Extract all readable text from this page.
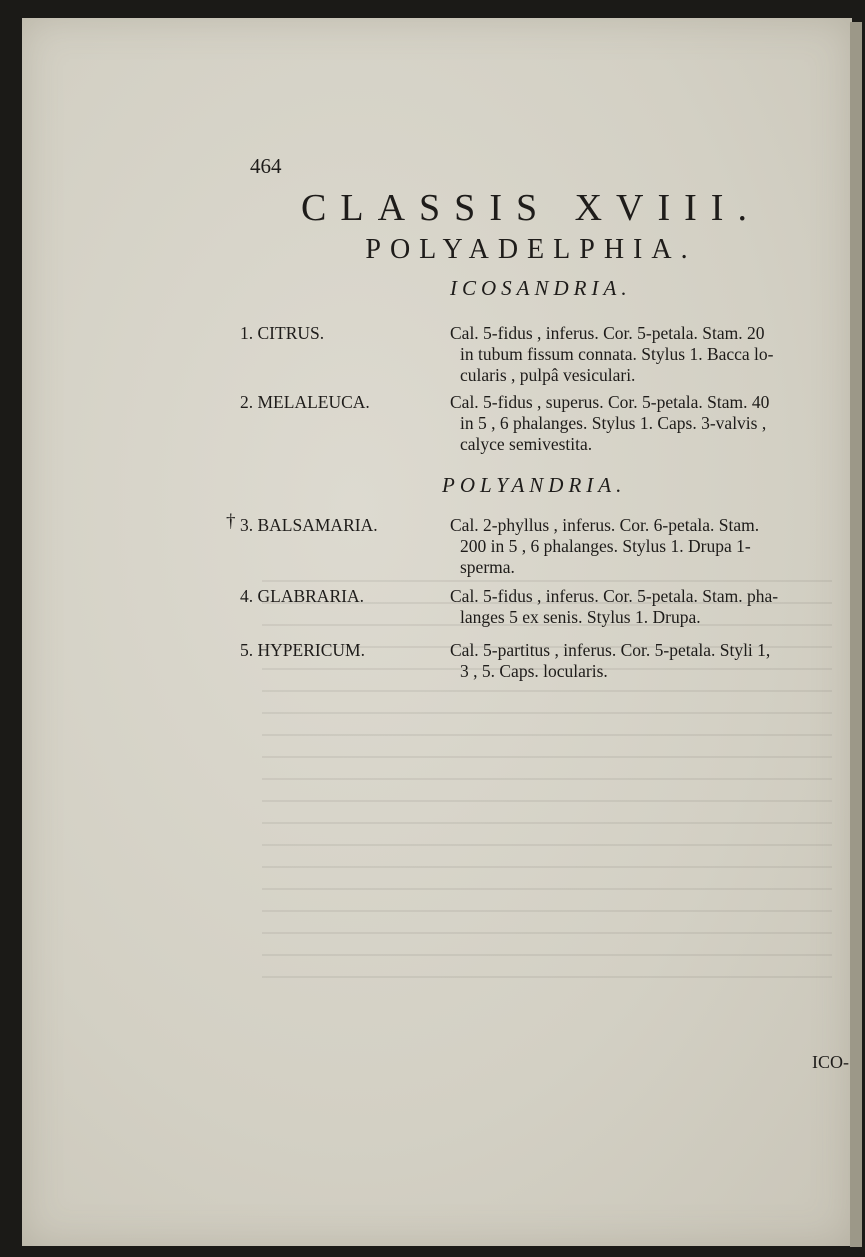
464
CLASSIS XVIII.
POLYADELPHIA.
ICOSANDRIA.
1. CITRUS.	Cal. 5-fidus , inferus. Cor. 5-petala. Stam. 20
in tubum fissum connata. Stylus 1. Bacca lo-
cularis , pulpâ vesiculari.
2. MELALEUCA.	Cal. 5-fidus , superus. Cor. 5-petala. Stam. 40
in 5 , 6 phalanges. Stylus 1. Caps. 3-valvis ,
calyce semivestita.
POLYANDRIA.
† 3. BALSAMARIA.	Cal. 2-phyllus , inferus. Cor. 6-petala. Stam.
200 in 5 , 6 phalanges. Stylus 1. Drupa 1-
sperma.
4. GLABRARIA.	Cal. 5-fidus , inferus. Cor. 5-petala. Stam. pha-
langes 5 ex senis. Stylus 1. Drupa.
5. HYPERICUM.	Cal. 5-partitus , inferus. Cor. 5-petala. Styli 1,
3 , 5. Caps. locularis.
ICO-
